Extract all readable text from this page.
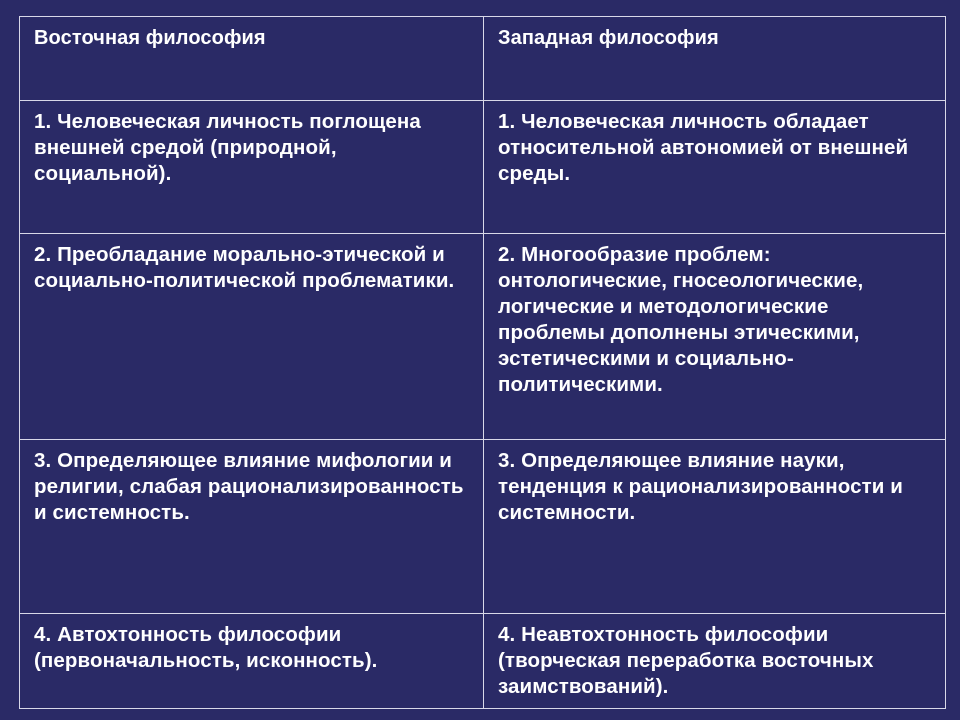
Восточная философия	Западная философия
1. Человеческая личность поглощена внешней средой (природной, социальной).	1. Человеческая личность обладает относительной автономией от внешней среды.
2. Преобладание морально-этической и социально-политической проблематики.	2. Многообразие проблем: онтологические, гносеологические, логические и методологические проблемы дополнены этическими, эстетическими и социально-политическими.
3. Определяющее влияние мифологии и религии, слабая рационализированность и системность.	3. Определяющее влияние науки, тенденция к рационализированности и системности.
4. Автохтонность философии (первоначальность, исконность).	4. Неавтохтонность философии (творческая переработка восточных заимствований).
